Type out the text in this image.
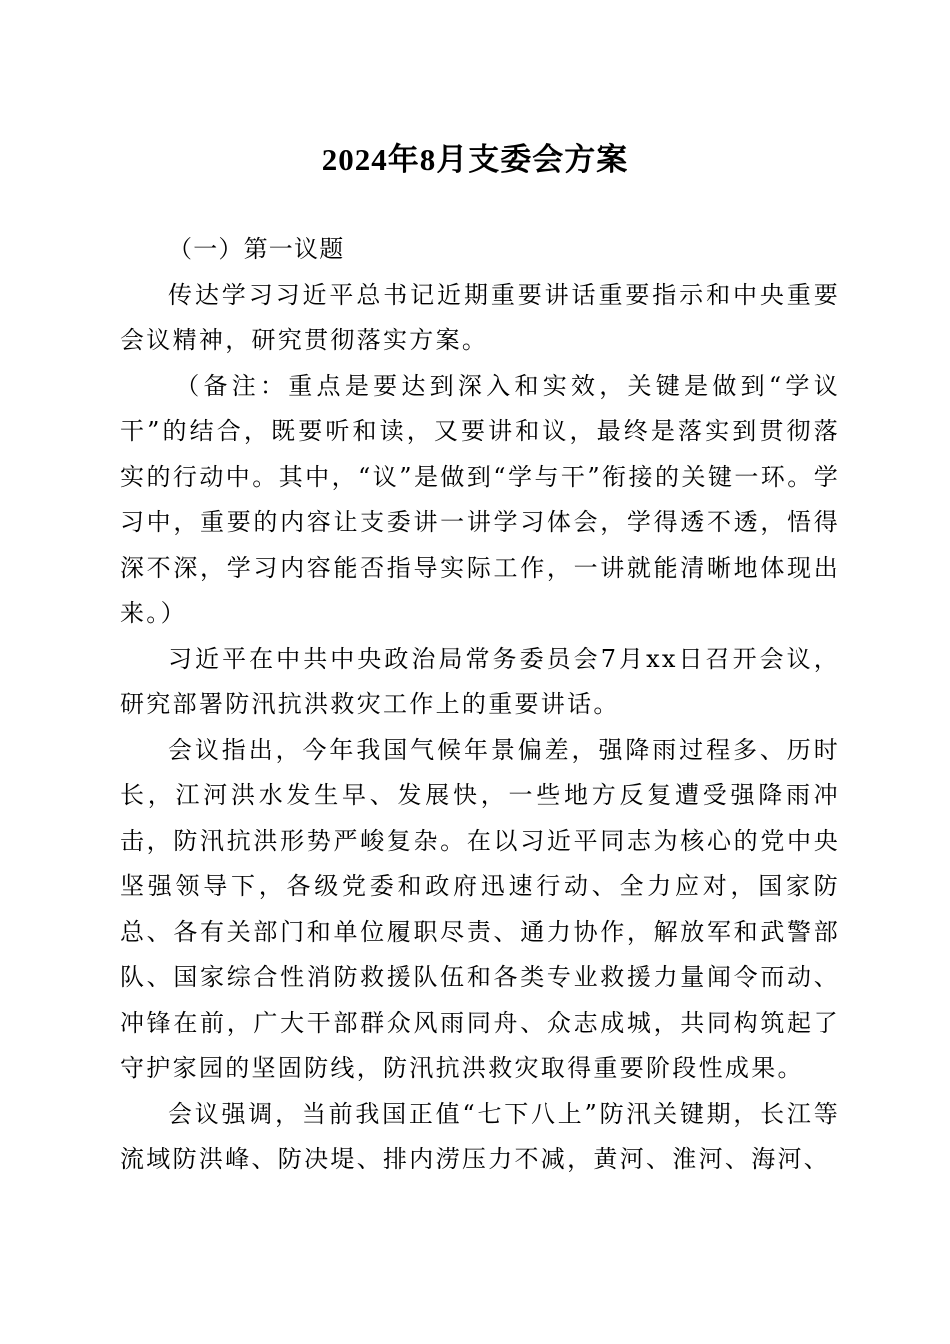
2024年8月支委会方案

（一）第一议题

传达学习习近平总书记近期重要讲话重要指示和中央重要会议精神，研究贯彻落实方案。

（备注：重点是要达到深入和实效，关键是做到“学议干”的结合，既要听和读，又要讲和议，最终是落实到贯彻落实的行动中。其中，“议”是做到“学与干”衔接的关键一环。学习中，重要的内容让支委讲一讲学习体会，学得透不透，悟得深不深，学习内容能否指导实际工作，一讲就能清晰地体现出来。）

习近平在中共中央政治局常务委员会7月xx日召开会议，研究部署防汛抗洪救灾工作上的重要讲话。

会议指出，今年我国气候年景偏差，强降雨过程多、历时长，江河洪水发生早、发展快，一些地方反复遭受强降雨冲击，防汛抗洪形势严峻复杂。在以习近平同志为核心的党中央坚强领导下，各级党委和政府迅速行动、全力应对，国家防总、各有关部门和单位履职尽责、通力协作，解放军和武警部队、国家综合性消防救援队伍和各类专业救援力量闻令而动、冲锋在前，广大干部群众风雨同舟、众志成城，共同构筑起了守护家园的坚固防线，防汛抗洪救灾取得重要阶段性成果。

会议强调，当前我国正值“七下八上”防汛关键期，长江等流域防洪峰、防决堤、排内涝压力不减，黄河、淮河、海河、
